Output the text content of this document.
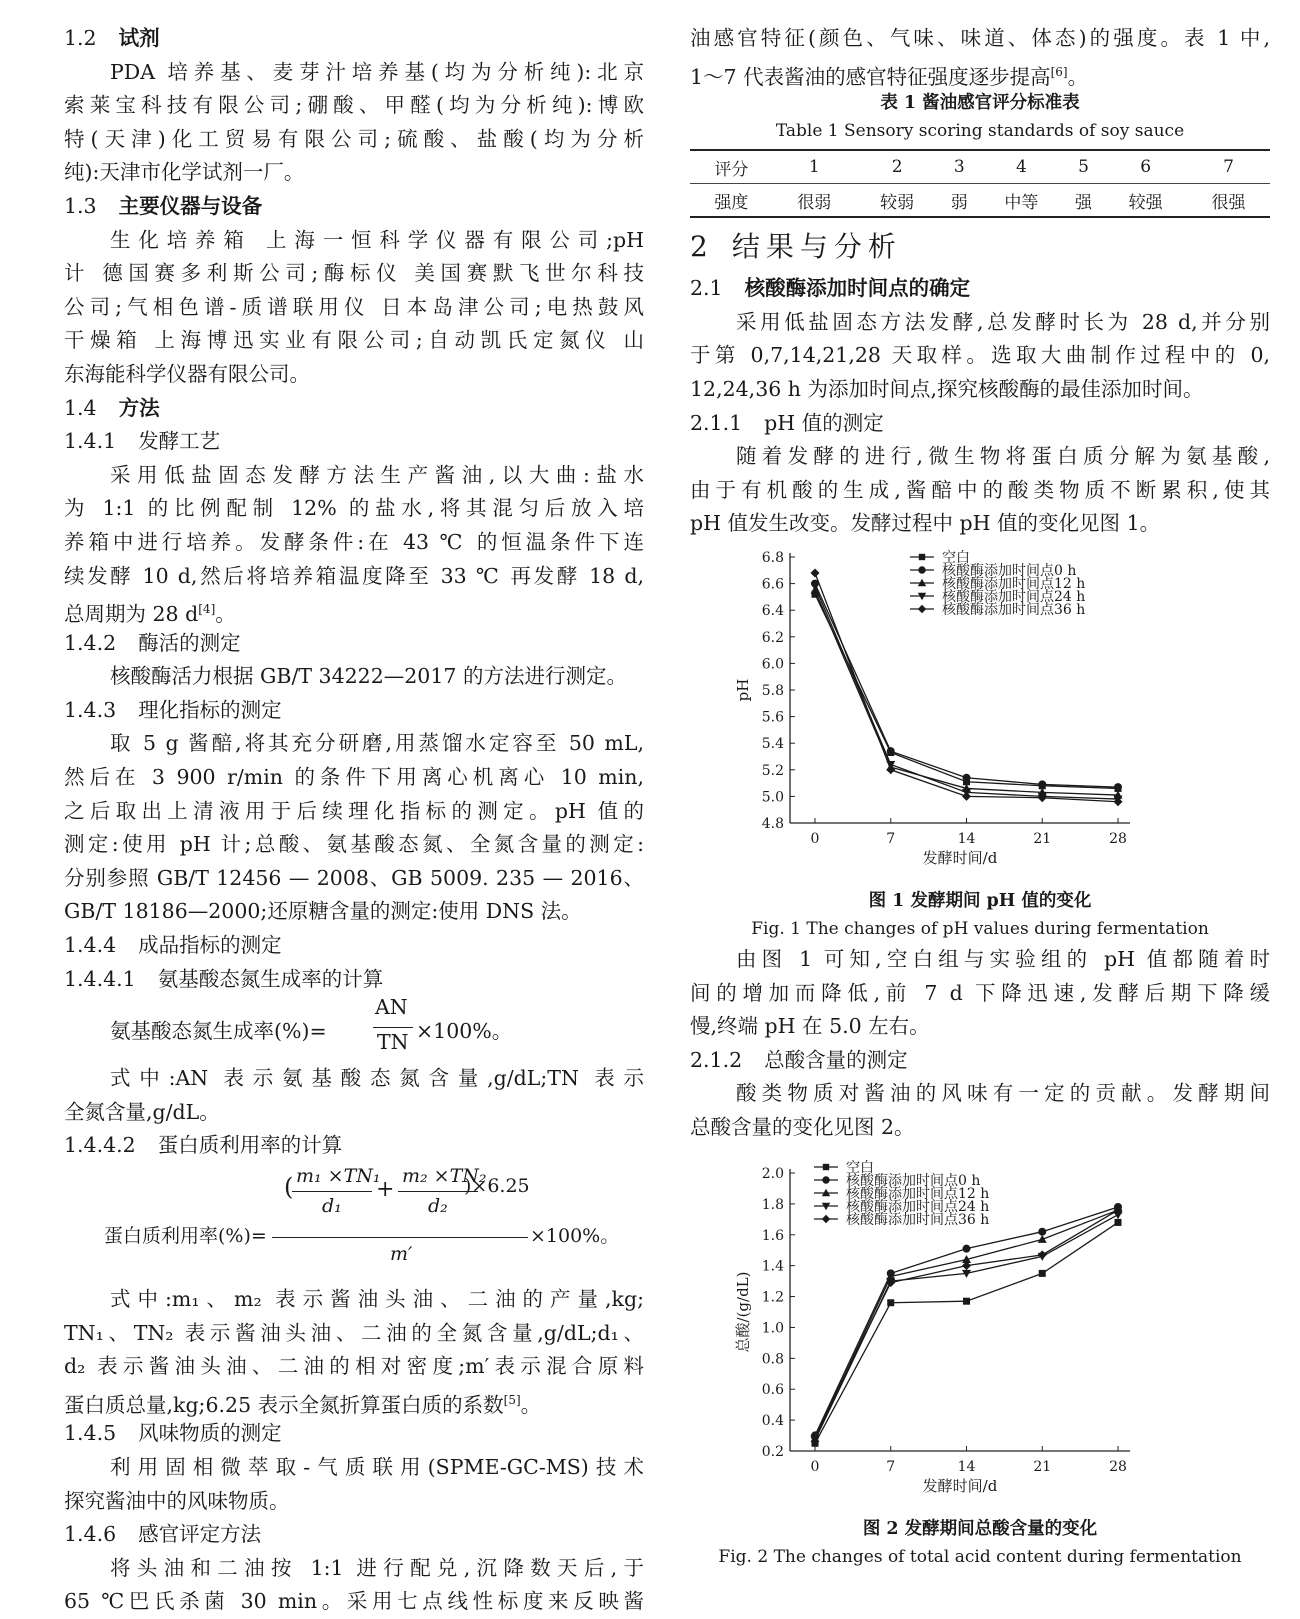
1.2 试剂
PDA 培养基、麦芽汁培养基(均为分析纯):北京
索莱宝科技有限公司;硼酸、甲醛(均为分析纯):博欧
特(天津)化工贸易有限公司;硫酸、盐酸(均为分析
纯):天津市化学试剂一厂。
1.3 主要仪器与设备
生化培养箱 上海一恒科学仪器有限公司;pH
计 德国赛多利斯公司;酶标仪 美国赛默飞世尔科技
公司;气相色谱-质谱联用仪 日本岛津公司;电热鼓风
干燥箱 上海博迅实业有限公司;自动凯氏定氮仪 山
东海能科学仪器有限公司。
1.4 方法
1.4.1 发酵工艺
采用低盐固态发酵方法生产酱油,以大曲:盐水
为 1:1 的比例配制 12% 的盐水,将其混匀后放入培
养箱中进行培养。发酵条件:在 43 ℃ 的恒温条件下连
续发酵 10 d,然后将培养箱温度降至 33 ℃ 再发酵 18 d,
总周期为 28 d[4]。
1.4.2 酶活的测定
核酸酶活力根据 GB/T 34222—2017 的方法进行测定。
1.4.3 理化指标的测定
取 5 g 酱醅,将其充分研磨,用蒸馏水定容至 50 mL,
然后在 3 900 r/min 的条件下用离心机离心 10 min,
之后取出上清液用于后续理化指标的测定。pH 值的
测定:使用 pH 计;总酸、氨基酸态氮、全氮含量的测定:
分别参照 GB/T 12456 — 2008、GB 5009. 235 — 2016、
GB/T 18186—2000;还原糖含量的测定:使用 DNS 法。
1.4.4 成品指标的测定
1.4.4.1 氨基酸态氮生成率的计算
氨基酸态氮生成率(%)=
AN
TN ×100%。
式中:AN 表示氨基酸态氮含量,g/dL;TN 表示
全氮含量,g/dL。
1.4.4.2 蛋白质利用率的计算
蛋白质利用率(%)=
( m₁ ×TN₁
d₁
+
m₂ ×TN₂
d₂
)×6.25
m′
×100%。
式中:m₁、m₂ 表示酱油头油、二油的产量,kg;
TN₁、TN₂ 表示酱油头油、二油的全氮含量,g/dL;d₁、
d₂ 表示酱油头油、二油的相对密度;m′表示混合原料
蛋白质总量,kg;6.25 表示全氮折算蛋白质的系数[5]。
1.4.5 风味物质的测定
利用固相微萃取-气质联用(SPME-GC-MS)技术
探究酱油中的风味物质。
1.4.6 感官评定方法
将头油和二油按 1:1 进行配兑,沉降数天后,于
65 ℃巴氏杀菌 30 min。采用七点线性标度来反映酱
油感官特征(颜色、气味、味道、体态)的强度。表 1 中,
1～7 代表酱油的感官特征强度逐步提高[6]。
表 1 酱油感官评分标准表
Table 1 Sensory scoring standards of soy sauce
评分	1	2	3	4	5	6	7
强度	很弱	较弱	弱	中等	强	较强	很强
2 结果与分析
2.1 核酸酶添加时间点的确定
采用低盐固态方法发酵,总发酵时长为 28 d,并分别
于第 0,7,14,21,28 天取样。选取大曲制作过程中的 0,
12,24,36 h 为添加时间点,探究核酸酶的最佳添加时间。
2.1.1 pH 值的测定
随着发酵的进行,微生物将蛋白质分解为氨基酸,
由于有机酸的生成,酱醅中的酸类物质不断累积,使其
pH 值发生改变。发酵过程中 pH 值的变化见图 1。
4.8
5.0
5.2
5.4
5.6
5.8
6.0
6.2
6.4
6.6
6.8
0	7	14	21	28
发酵时间/d
pH
空白
核酸酶添加时间点0 h
核酸酶添加时间点12 h
核酸酶添加时间点24 h
核酸酶添加时间点36 h
图 1 发酵期间 pH 值的变化
Fig. 1 The changes of pH values during fermentation
由图 1 可知,空白组与实验组的 pH 值都随着时
间的增加而降低,前 7 d 下降迅速,发酵后期下降缓
慢,终端 pH 在 5.0 左右。
2.1.2 总酸含量的测定
酸类物质对酱油的风味有一定的贡献。发酵期间
总酸含量的变化见图 2。
0.2
0.4
0.6
0.8
1.0
1.2
1.4
1.6
1.8
2.0
0	7	14	21	28
发酵时间/d
总酸/(g/dL)
空白
核酸酶添加时间点0 h
核酸酶添加时间点12 h
核酸酶添加时间点24 h
核酸酶添加时间点36 h
图 2 发酵期间总酸含量的变化
Fig. 2 The changes of total acid content during fermentation
